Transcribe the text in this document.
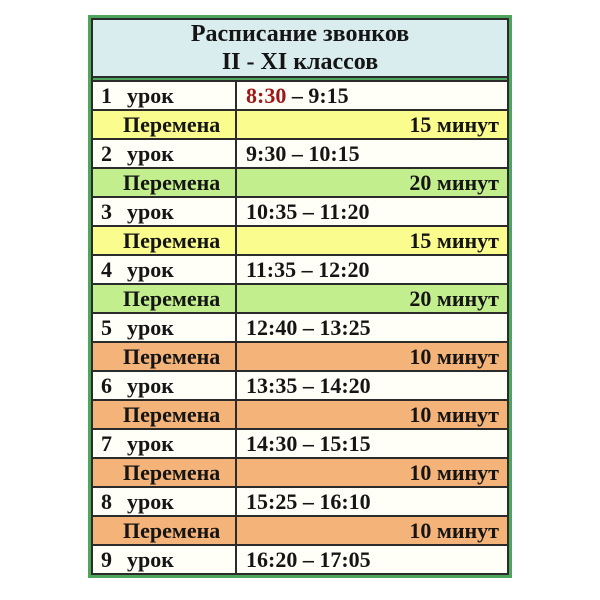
Расписание звонков
II - XI классов
1 урок	8:30 – 9:15
Перемена	15 минут
2 урок	9:30 – 10:15
Перемена	20 минут
3 урок	10:35 – 11:20
Перемена	15 минут
4 урок	11:35 – 12:20
Перемена	20 минут
5 урок	12:40 – 13:25
Перемена	10 минут
6 урок	13:35 – 14:20
Перемена	10 минут
7 урок	14:30 – 15:15
Перемена	10 минут
8 урок	15:25 – 16:10
Перемена	10 минут
9 урок	16:20 – 17:05
